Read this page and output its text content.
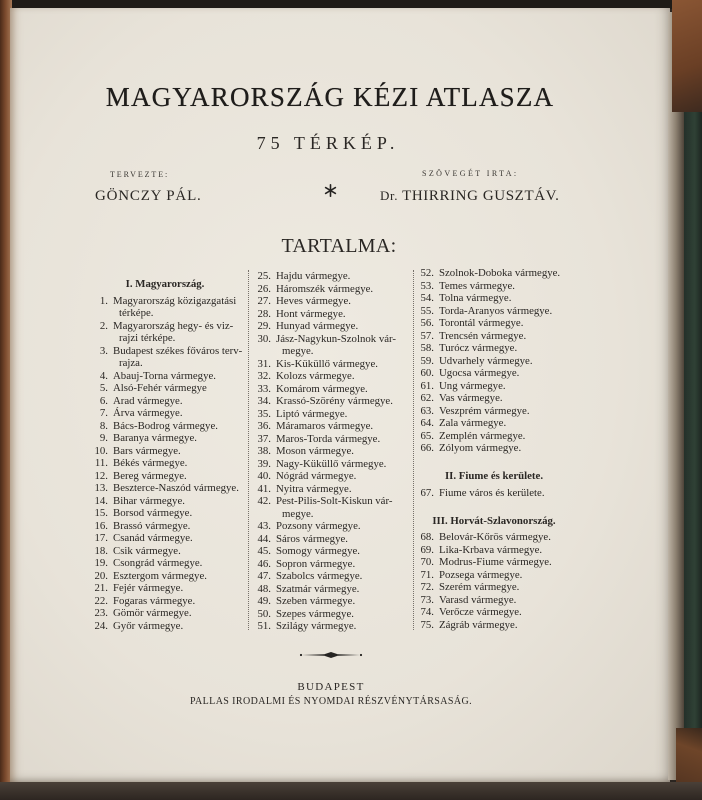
MAGYARORSZÁG KÉZI ATLASZA
75 TÉRKÉP.
TERVEZTE:
GÖNCZY PÁL.
SZÖVEGÉT IRTA:
Dr. THIRRING GUSZTÁV.
TARTALMA:
I. Magyarország.
1. Magyarország közigazgatási
térképe.
2. Magyarország hegy- és viz-
rajzi térképe.
3. Budapest székes főváros terv-
rajza.
4. Abauj-Torna vármegye.
5. Alsó-Fehér vármegye
6. Arad vármegye.
7. Árva vármegye.
8. Bács-Bodrog vármegye.
9. Baranya vármegye.
10. Bars vármegye.
11. Békés vármegye.
12. Bereg vármegye.
13. Beszterce-Naszód vármegye.
14. Bihar vármegye.
15. Borsod vármegye.
16. Brassó vármegye.
17. Csanád vármegye.
18. Csik vármegye.
19. Csongrád vármegye.
20. Esztergom vármegye.
21. Fejér vármegye.
22. Fogaras vármegye.
23. Gömör vármegye.
24. Győr vármegye.
25. Hajdu vármegye.
26. Háromszék vármegye.
27. Heves vármegye.
28. Hont vármegye.
29. Hunyad vármegye.
30. Jász-Nagykun-Szolnok vár-
megye.
31. Kis-Küküllő vármegye.
32. Kolozs vármegye.
33. Komárom vármegye.
34. Krassó-Szörény vármegye.
35. Liptó vármegye.
36. Máramaros vármegye.
37. Maros-Torda vármegye.
38. Moson vármegye.
39. Nagy-Küküllő vármegye.
40. Nógrád vármegye.
41. Nyitra vármegye.
42. Pest-Pilis-Solt-Kiskun vár-
megye.
43. Pozsony vármegye.
44. Sáros vármegye.
45. Somogy vármegye.
46. Sopron vármegye.
47. Szabolcs vármegye.
48. Szatmár vármegye.
49. Szeben vármegye.
50. Szepes vármegye.
51. Szilágy vármegye.
52. Szolnok-Doboka vármegye.
53. Temes vármegye.
54. Tolna vármegye.
55. Torda-Aranyos vármegye.
56. Torontál vármegye.
57. Trencsén vármegye.
58. Turócz vármegye.
59. Udvarhely vármegye.
60. Ugocsa vármegye.
61. Ung vármegye.
62. Vas vármegye.
63. Veszprém vármegye.
64. Zala vármegye.
65. Zemplén vármegye.
66. Zólyom vármegye.
II. Fiume és kerülete.
67. Fiume város és kerülete.
III. Horvát-Szlavonország.
68. Belovár-Kőrös vármegye.
69. Lika-Krbava vármegye.
70. Modrus-Fiume vármegye.
71. Pozsega vármegye.
72. Szerém vármegye.
73. Varasd vármegye.
74. Verőcze vármegye.
75. Zágráb vármegye.
BUDAPEST
PALLAS IRODALMI ÉS NYOMDAI RÉSZVÉNYTÁRSASÁG.
